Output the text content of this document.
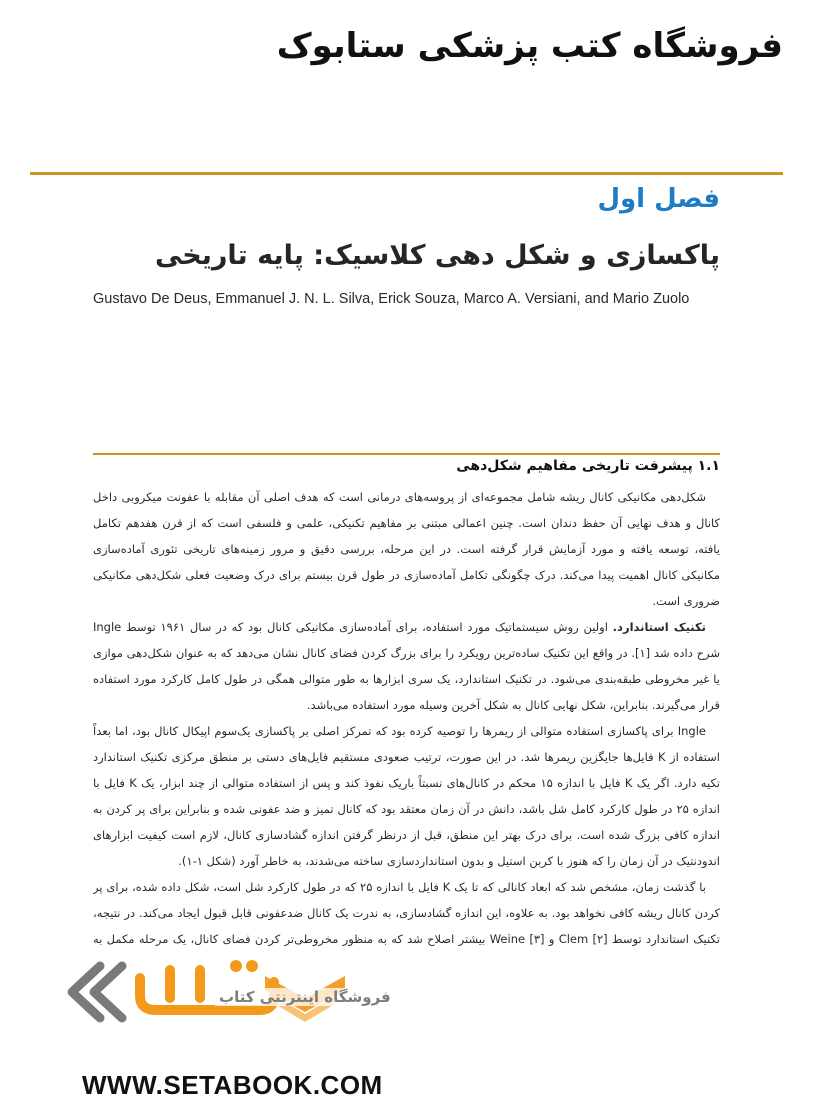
فروشگاه کتب پزشکی ستابوک
فصل اول
پاکسازی و شکل دهی کلاسیک: پایه تاریخی
Gustavo De Deus, Emmanuel J. N. L. Silva, Erick Souza, Marco A. Versiani, and Mario Zuolo
۱.۱ پیشرفت تاریخی مفاهیم شکل‌دهی

شکل‌دهی مکانیکی کانال ریشه شامل مجموعه‌ای از پروسه‌های درمانی است که هدف اصلی آن مقابله با عفونت میکروبی داخل کانال و هدف نهایی آن حفظ دندان است. چنین اعمالی مبتنی بر مفاهیم تکنیکی، علمی و فلسفی است که از قرن هفدهم تکامل یافته، توسعه یافته و مورد آزمایش قرار گرفته است. در این مرحله، بررسی دقیق و مرور زمینه‌های تاریخی تئوری آماده‌سازی مکانیکی کانال اهمیت پیدا می‌کند. درک چگونگی تکامل آماده‌سازی در طول قرن بیستم برای درک وضعیت فعلی شکل‌دهی مکانیکی ضروری است.

تکنیک استاندارد. اولین روش سیستماتیک مورد استفاده، برای آماده‌سازی مکانیکی کانال بود که در سال ۱۹۶۱ توسط Ingle شرح داده شد [۱]. در واقع این تکنیک ساده‌ترین رویکرد را برای بزرگ کردن فضای کانال نشان می‌دهد که به عنوان شکل‌دهی موازی یا غیر مخروطی طبقه‌بندی می‌شود. در تکنیک استاندارد، یک سری ابزارها به طور متوالی همگی در طول کامل کارکرد مورد استفاده قرار می‌گیرند. بنابراین، شکل نهایی کانال به شکل آخرین وسیله مورد استفاده می‌باشد.

Ingle برای پاکسازی استفاده متوالی از ریمرها را توصیه کرده بود که تمرکز اصلی بر پاکسازی یک‌سوم اپیکال کانال بود، اما بعداً استفاده از K فایل‌ها جایگزین ریمرها شد. در این صورت، ترتیب صعودی مستقیم فایل‌های دستی بر منطق مرکزی تکنیک استاندارد تکیه دارد. اگر یک K فایل با اندازه ۱۵ محکم در کانال‌های نسبتاً باریک نفوذ کند و پس از استفاده متوالی از چند ابزار، یک K فایل با اندازه ۲۵ در طول کارکرد کامل شل باشد، دانش در آن زمان معتقد بود که کانال تمیز و ضد عفونی شده و بنابراین برای پر کردن به اندازه کافی بزرگ شده است. برای درک بهتر این منطق، قبل از درنظر گرفتن اندازه گشادسازی کانال، لازم است کیفیت ابزارهای اندودنتیک در آن زمان را که هنوز با کربن استیل و بدون استانداردسازی ساخته می‌شدند، به خاطر آورد (شکل ۱-۱).

با گذشت زمان، مشخص شد که ابعاد کانالی که تا یک K فایل با اندازه ۲۵ که در طول کارکرد شل است، شکل داده شده، برای پر کردن کانال ریشه کافی نخواهد بود. به علاوه، این اندازه گشادسازی، به ندرت یک کانال ضدعفونی قابل قبول ایجاد می‌کند. در نتیجه، تکنیک استاندارد توسط Clem [۲] و Weine [۳] بیشتر اصلاح شد که به منظور مخروطی‌تر کردن فضای کانال، یک مرحله مکمل به

فروشگاه اینترنتی کتاب
WWW.SETABOOK.COM
